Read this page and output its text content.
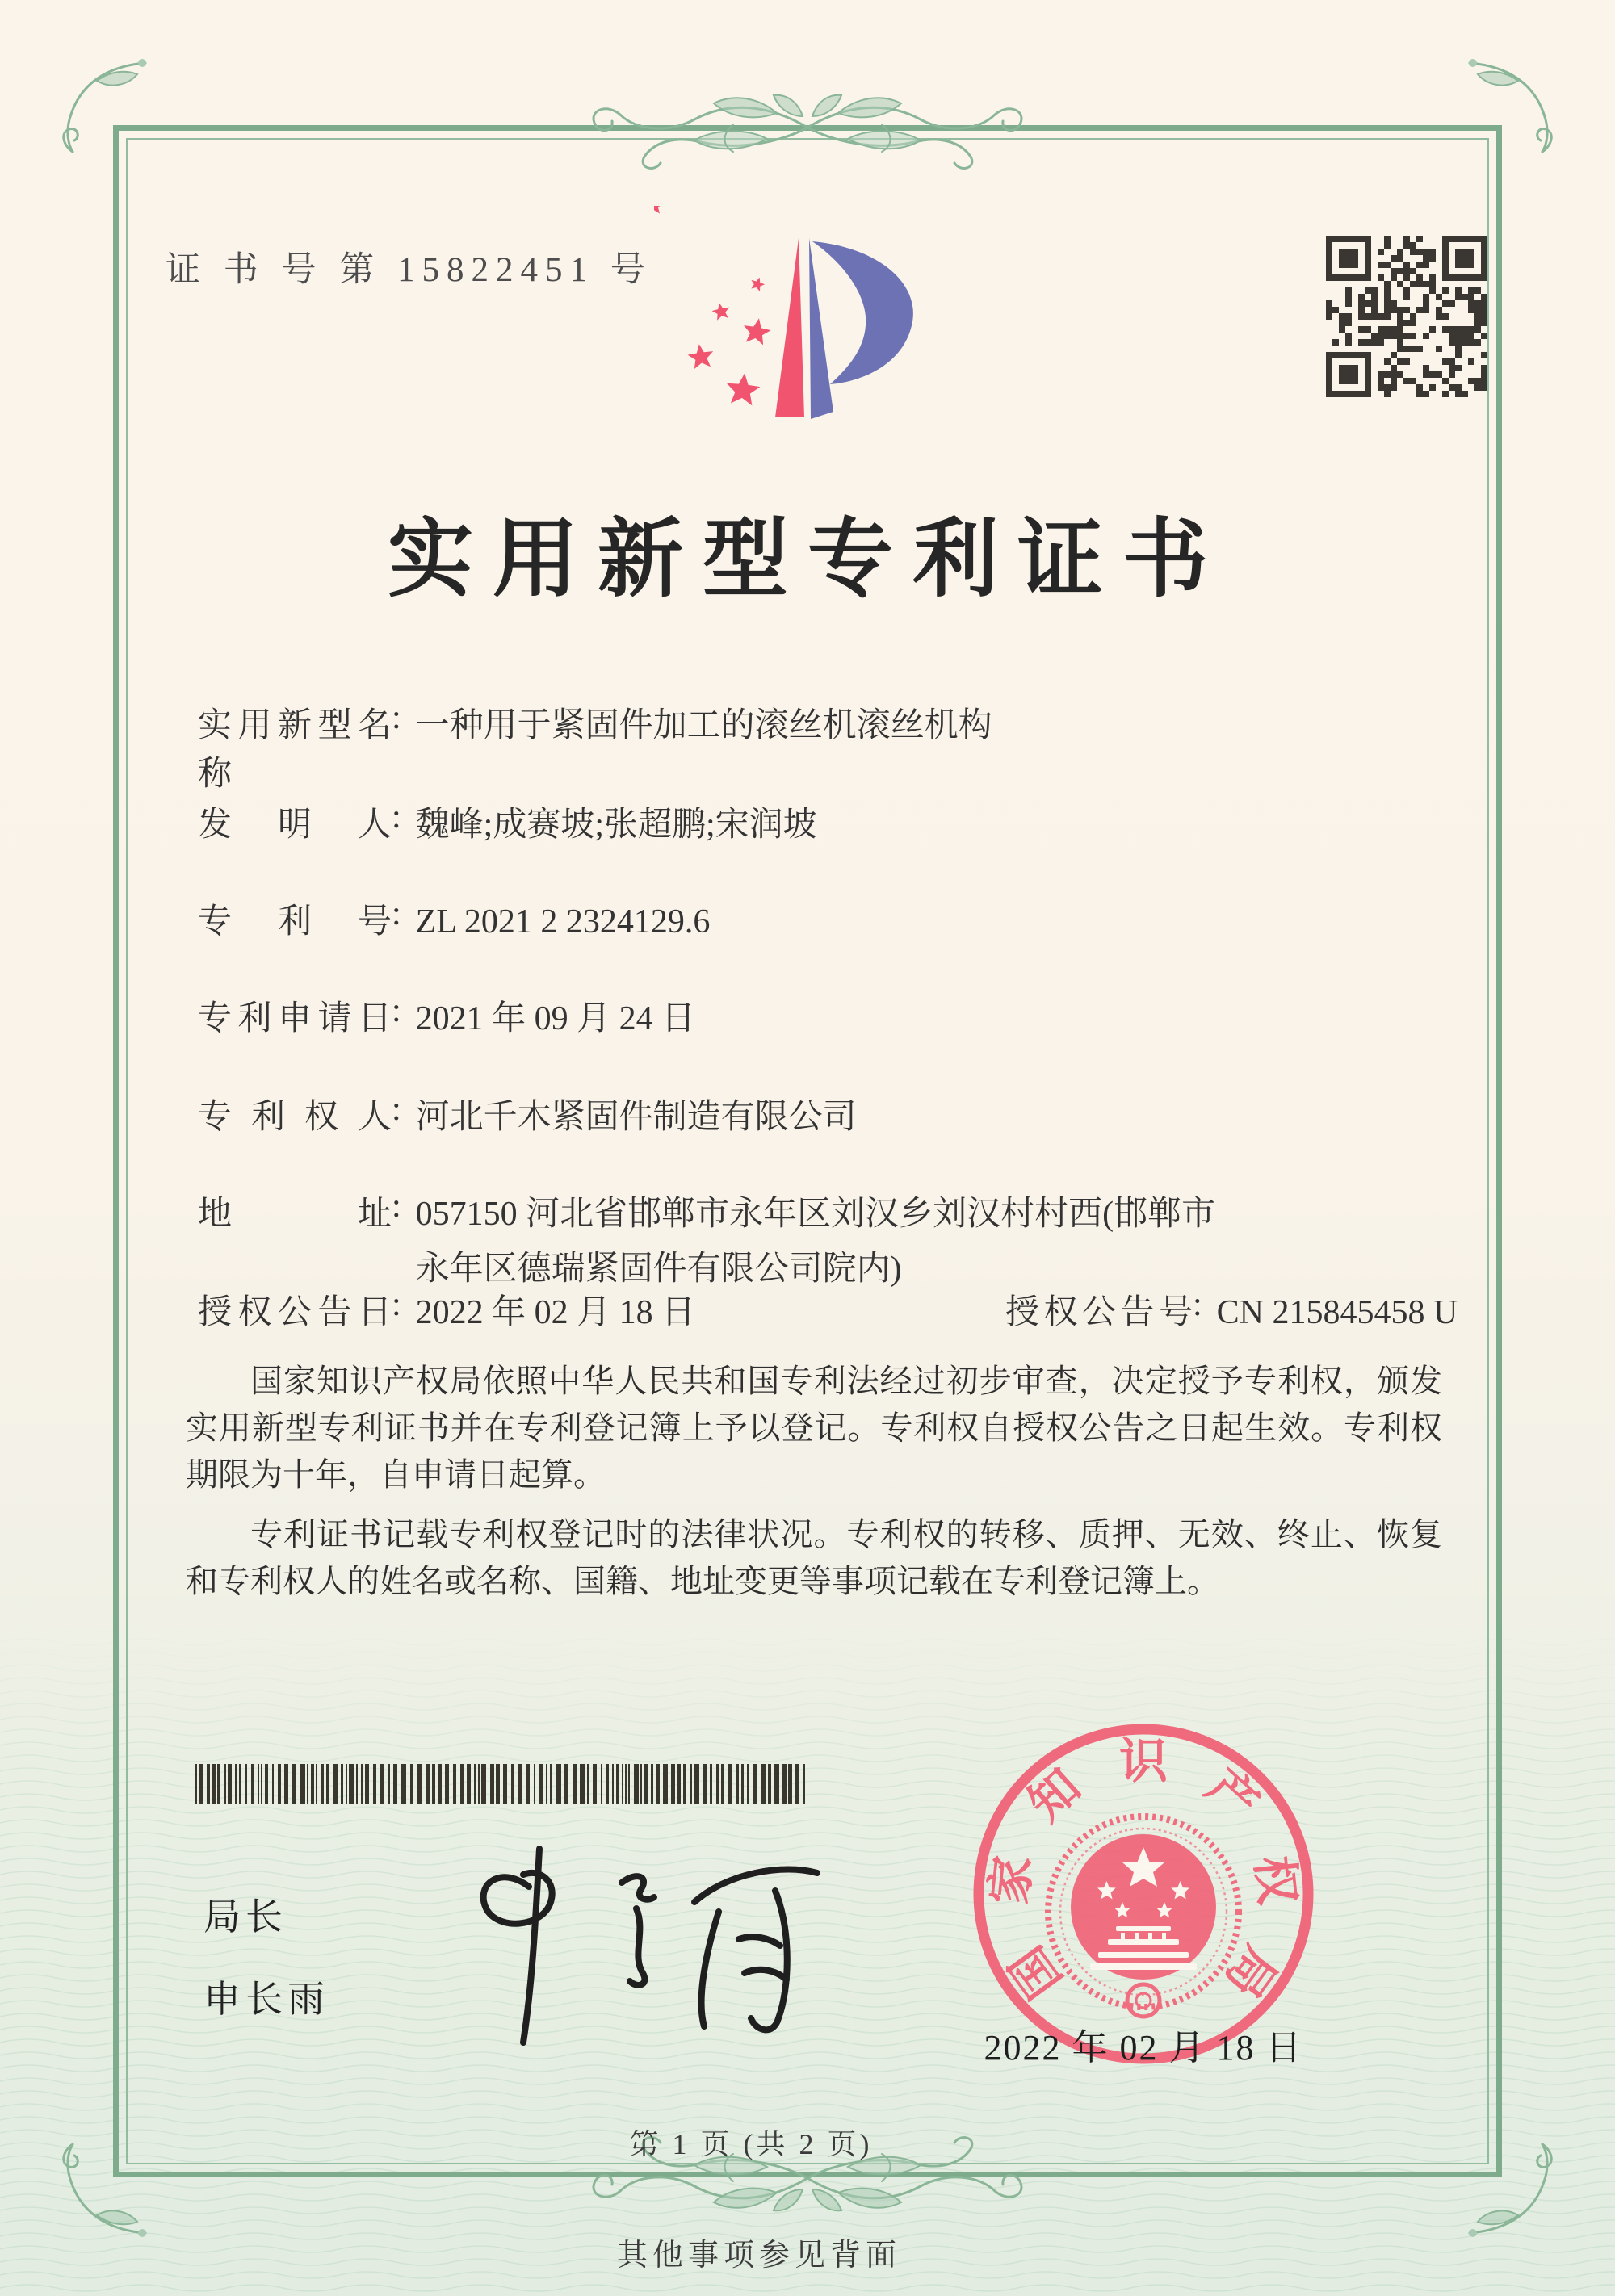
证 书 号 第 15822451 号
实用新型专利证书
实用新型名称: 一种用于紧固件加工的滚丝机滚丝机构
发明人: 魏峰;成赛坡;张超鹏;宋润坡
专利号: ZL 2021 2 2324129.6
专利申请日: 2021 年 09 月 24 日
专利权人: 河北千木紧固件制造有限公司
地址: 057150 河北省邯郸市永年区刘汉乡刘汉村村西(邯郸市永年区德瑞紧固件有限公司院内)
授权公告日: 2022 年 02 月 18 日	授权公告号: CN 215845458 U

国家知识产权局依照中华人民共和国专利法经过初步审查，决定授予专利权，颁发实用新型专利证书并在专利登记簿上予以登记。专利权自授权公告之日起生效。专利权期限为十年，自申请日起算。

专利证书记载专利权登记时的法律状况。专利权的转移、质押、无效、终止、恢复和专利权人的姓名或名称、国籍、地址变更等事项记载在专利登记簿上。

局长
申长雨	国
家
知 识 产
权
局
2022 年 02 月 18 日
第 1 页 (共 2 页)
其他事项参见背面
